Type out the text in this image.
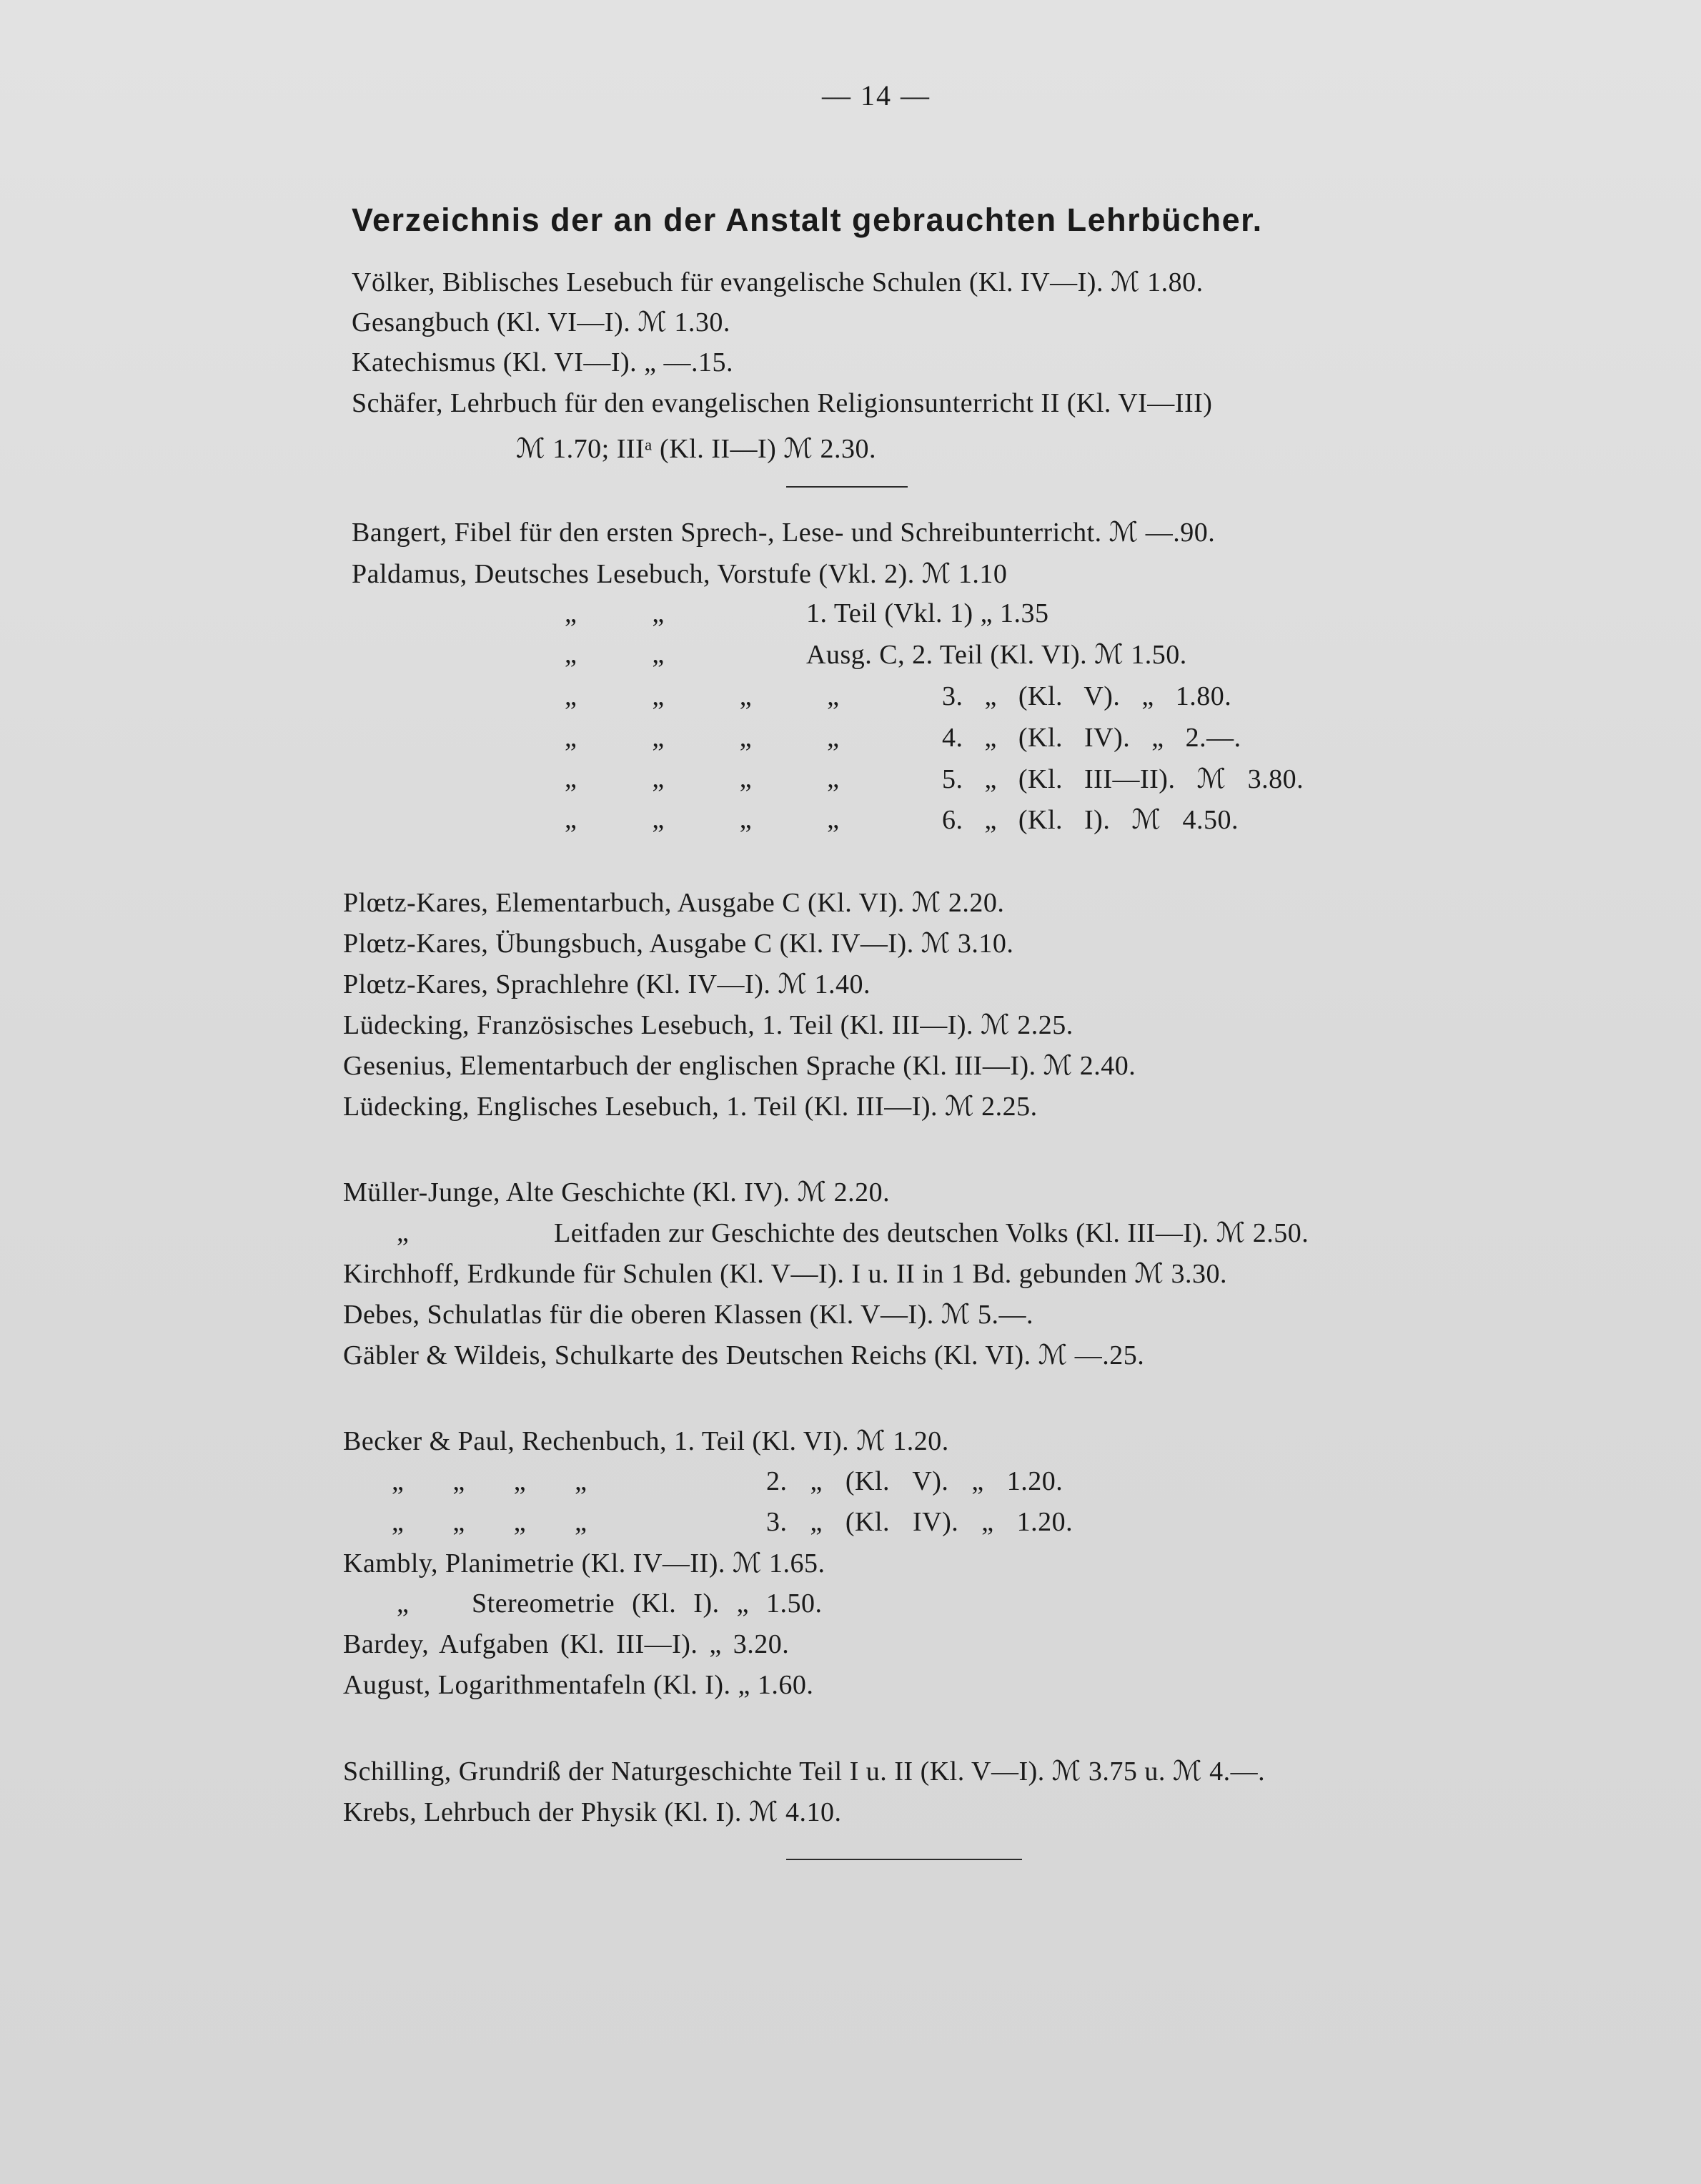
— 14 —
Verzeichnis der an der Anstalt gebrauchten Lehrbücher.
Völker, Biblisches Lesebuch für evangelische Schulen (Kl. IV—I). ℳ 1.80.
Gesangbuch (Kl. VI—I). ℳ 1.30.
Katechismus (Kl. VI—I). „ —.15.
Schäfer, Lehrbuch für den evangelischen Religionsunterricht II (Kl. VI—III)
ℳ 1.70; IIIᵃ (Kl. II—I) ℳ 2.30.
Bangert, Fibel für den ersten Sprech-, Lese- und Schreibunterricht. ℳ —.90.
Paldamus, Deutsches Lesebuch, Vorstufe (Vkl. 2). ℳ 1.10
„ „	1. Teil (Vkl. 1) „ 1.35
„ „	Ausg. C, 2. Teil (Kl. VI). ℳ 1.50.
„ „ „ „	3. „ (Kl. V). „ 1.80.
„ „ „ „	4. „ (Kl. IV). „ 2.—.
„ „ „ „	5. „ (Kl. III—II). ℳ 3.80.
„ „ „ „	6. „ (Kl. I). ℳ 4.50.
Plœtz-Kares, Elementarbuch, Ausgabe C (Kl. VI). ℳ 2.20.
Plœtz-Kares, Übungsbuch, Ausgabe C (Kl. IV—I). ℳ 3.10.
Plœtz-Kares, Sprachlehre (Kl. IV—I). ℳ 1.40.
Lüdecking, Französisches Lesebuch, 1. Teil (Kl. III—I). ℳ 2.25.
Gesenius, Elementarbuch der englischen Sprache (Kl. III—I). ℳ 2.40.
Lüdecking, Englisches Lesebuch, 1. Teil (Kl. III—I). ℳ 2.25.
Müller-Junge, Alte Geschichte (Kl. IV). ℳ 2.20.
„	Leitfaden zur Geschichte des deutschen Volks (Kl. III—I). ℳ 2.50.
Kirchhoff, Erdkunde für Schulen (Kl. V—I). I u. II in 1 Bd. gebunden ℳ 3.30.
Debes, Schulatlas für die oberen Klassen (Kl. V—I). ℳ 5.—.
Gäbler & Wildeis, Schulkarte des Deutschen Reichs (Kl. VI). ℳ —.25.
Becker & Paul, Rechenbuch, 1. Teil (Kl. VI). ℳ 1.20.
„ „ „ „	2. „ (Kl. V). „ 1.20.
„ „ „ „	3. „ (Kl. IV). „ 1.20.
Kambly, Planimetrie (Kl. IV—II). ℳ 1.65.
„ Stereometrie (Kl. I). „ 1.50.
Bardey, Aufgaben (Kl. III—I). „ 3.20.
August, Logarithmentafeln (Kl. I). „ 1.60.
Schilling, Grundriß der Naturgeschichte Teil I u. II (Kl. V—I). ℳ 3.75 u. ℳ 4.—.
Krebs, Lehrbuch der Physik (Kl. I). ℳ 4.10.
